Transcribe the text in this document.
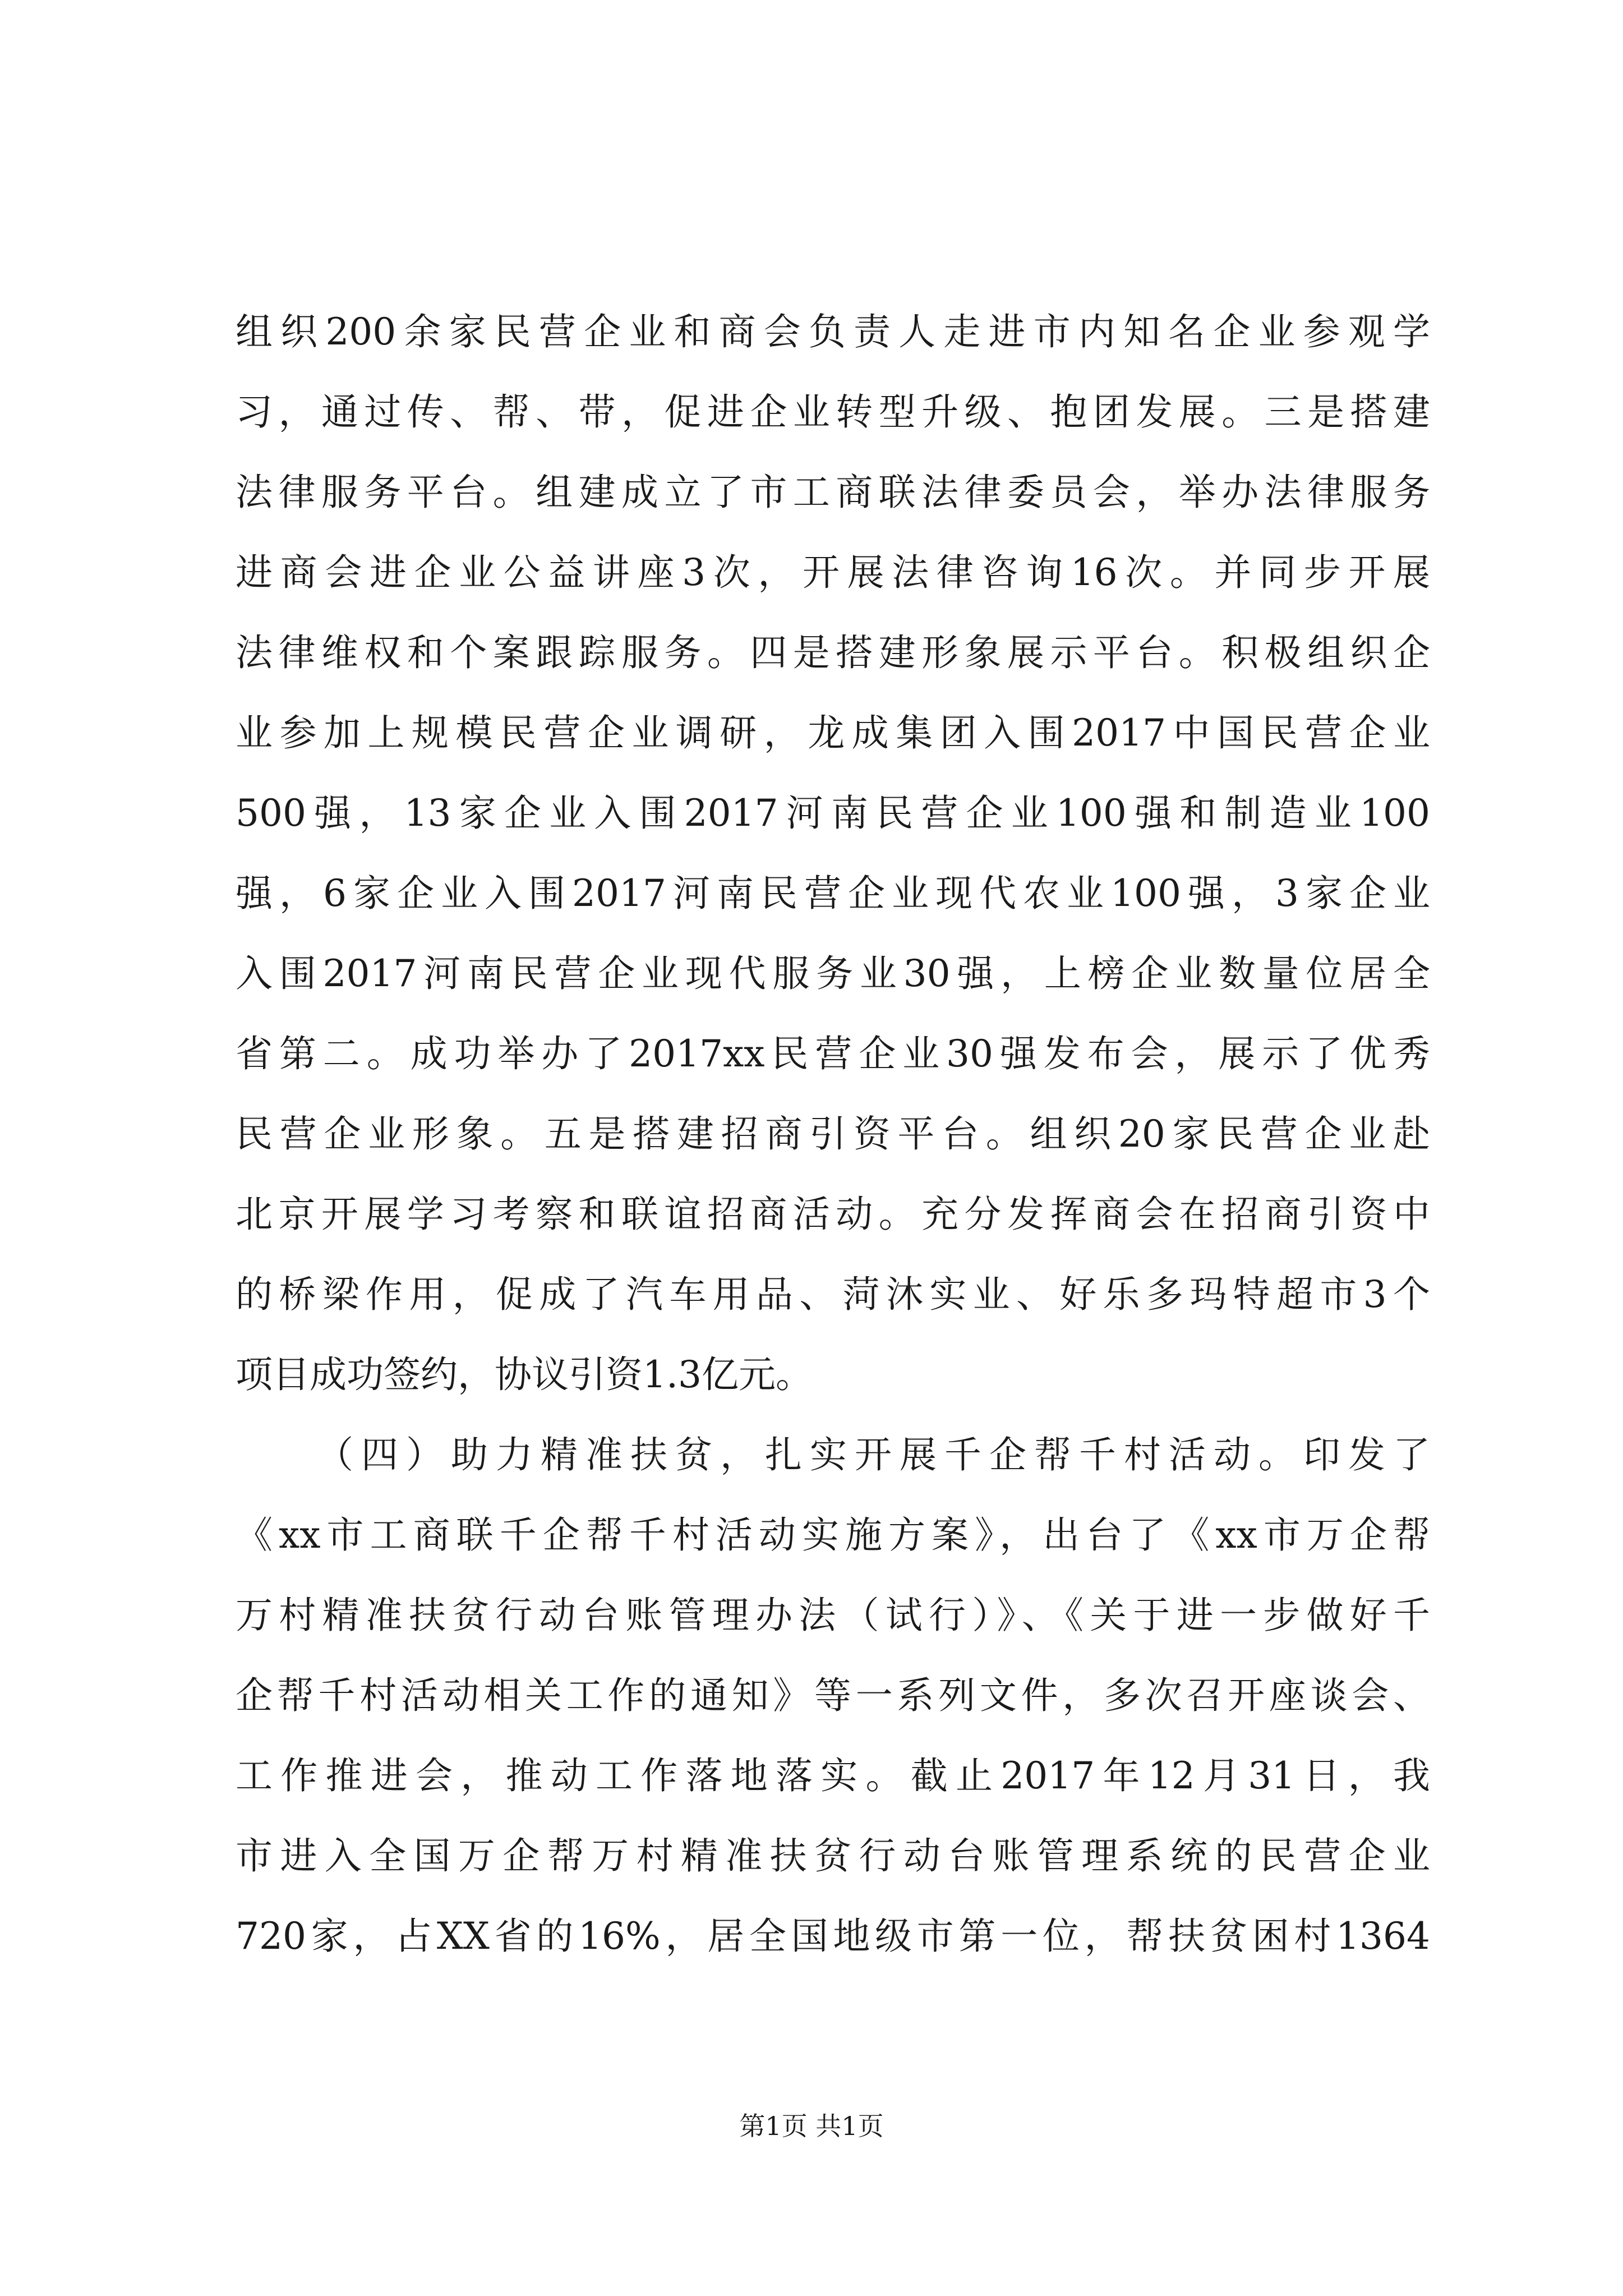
组织200余家民营企业和商会负责人走进市内知名企业参观学
习，通过传、帮、带，促进企业转型升级、抱团发展。三是搭建
法律服务平台。组建成立了市工商联法律委员会，举办法律服务
进商会进企业公益讲座3次，开展法律咨询16次。并同步开展
法律维权和个案跟踪服务。四是搭建形象展示平台。积极组织企
业参加上规模民营企业调研，龙成集团入围2017中国民营企业
500强，13家企业入围2017河南民营企业100强和制造业100
强，6家企业入围2017河南民营企业现代农业100强，3家企业
入围2017河南民营企业现代服务业30强，上榜企业数量位居全
省第二。成功举办了2017xx民营企业30强发布会，展示了优秀
民营企业形象。五是搭建招商引资平台。组织20家民营企业赴
北京开展学习考察和联谊招商活动。充分发挥商会在招商引资中
的桥梁作用，促成了汽车用品、菏沐实业、好乐多玛特超市3个
项目成功签约，协议引资1.3亿元。
（四）助力精准扶贫，扎实开展千企帮千村活动。印发了
《xx市工商联千企帮千村活动实施方案》，出台了《xx市万企帮
万村精准扶贫行动台账管理办法（试行）》、《关于进一步做好千
企帮千村活动相关工作的通知》等一系列文件，多次召开座谈会、
工作推进会，推动工作落地落实。截止2017年12月31日，我
市进入全国万企帮万村精准扶贫行动台账管理系统的民营企业
720家，占XX省的16%，居全国地级市第一位，帮扶贫困村1364
第1页 共1页
